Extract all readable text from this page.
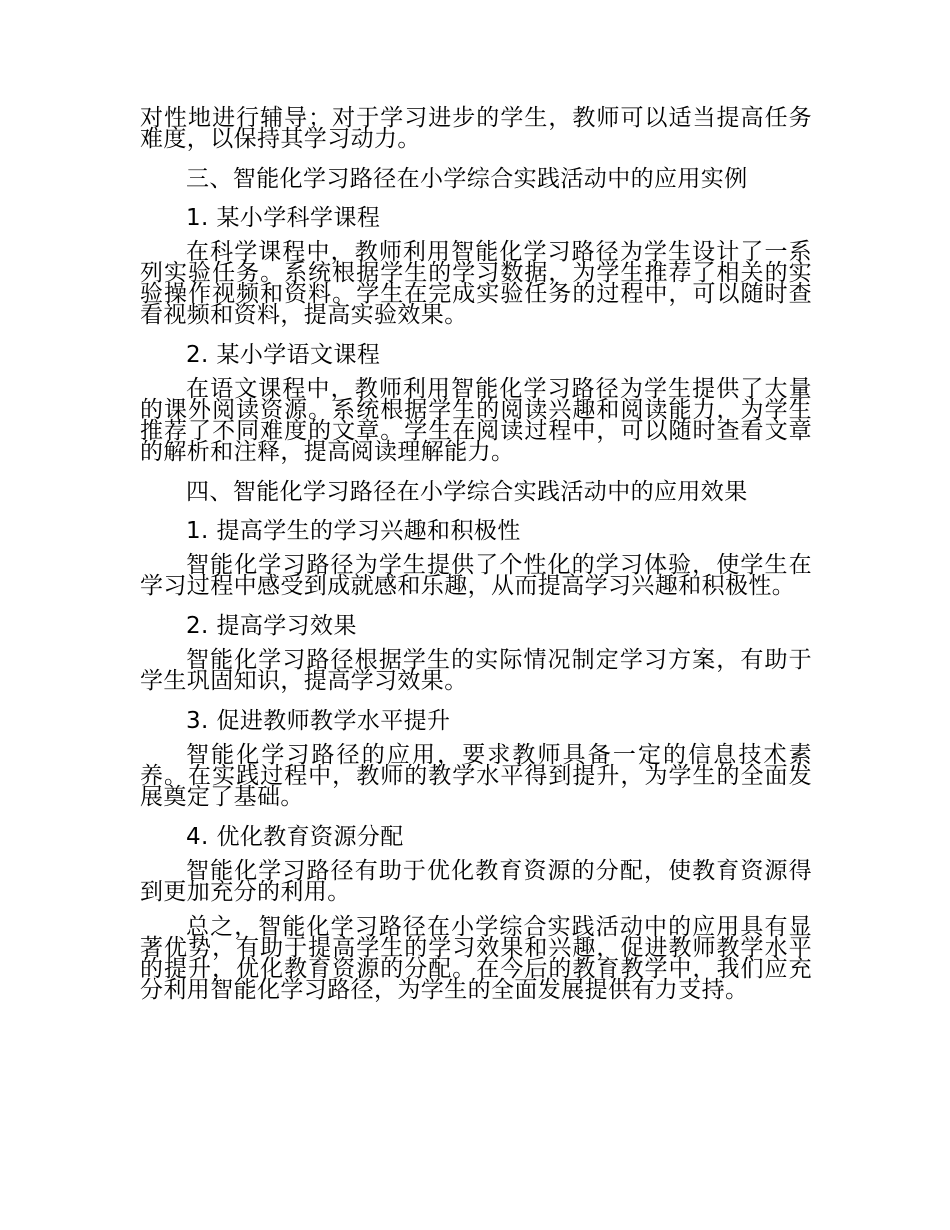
对性地进行辅导；对于学习进步的学生，教师可以适当提高任务难度，以保持其学习动力。

三、智能化学习路径在小学综合实践活动中的应用实例
1. 某小学科学课程

在科学课程中，教师利用智能化学习路径为学生设计了一系列实验任务。系统根据学生的学习数据，为学生推荐了相关的实验操作视频和资料。学生在完成实验任务的过程中，可以随时查看视频和资料，提高实验效果。

2. 某小学语文课程

在语文课程中，教师利用智能化学习路径为学生提供了大量的课外阅读资源。系统根据学生的阅读兴趣和阅读能力，为学生推荐了不同难度的文章。学生在阅读过程中，可以随时查看文章的解析和注释，提高阅读理解能力。

四、智能化学习路径在小学综合实践活动中的应用效果
1. 提高学生的学习兴趣和积极性

智能化学习路径为学生提供了个性化的学习体验，使学生在学习过程中感受到成就感和乐趣，从而提高学习兴趣和积极性。

2. 提高学习效果

智能化学习路径根据学生的实际情况制定学习方案，有助于学生巩固知识，提高学习效果。

3. 促进教师教学水平提升

智能化学习路径的应用，要求教师具备一定的信息技术素养。在实践过程中，教师的教学水平得到提升，为学生的全面发展奠定了基础。

4. 优化教育资源分配

智能化学习路径有助于优化教育资源的分配，使教育资源得到更加充分的利用。

总之，智能化学习路径在小学综合实践活动中的应用具有显著优势，有助于提高学生的学习效果和兴趣，促进教师教学水平的提升，优化教育资源的分配。在今后的教育教学中，我们应充分利用智能化学习路径，为学生的全面发展提供有力支持。
